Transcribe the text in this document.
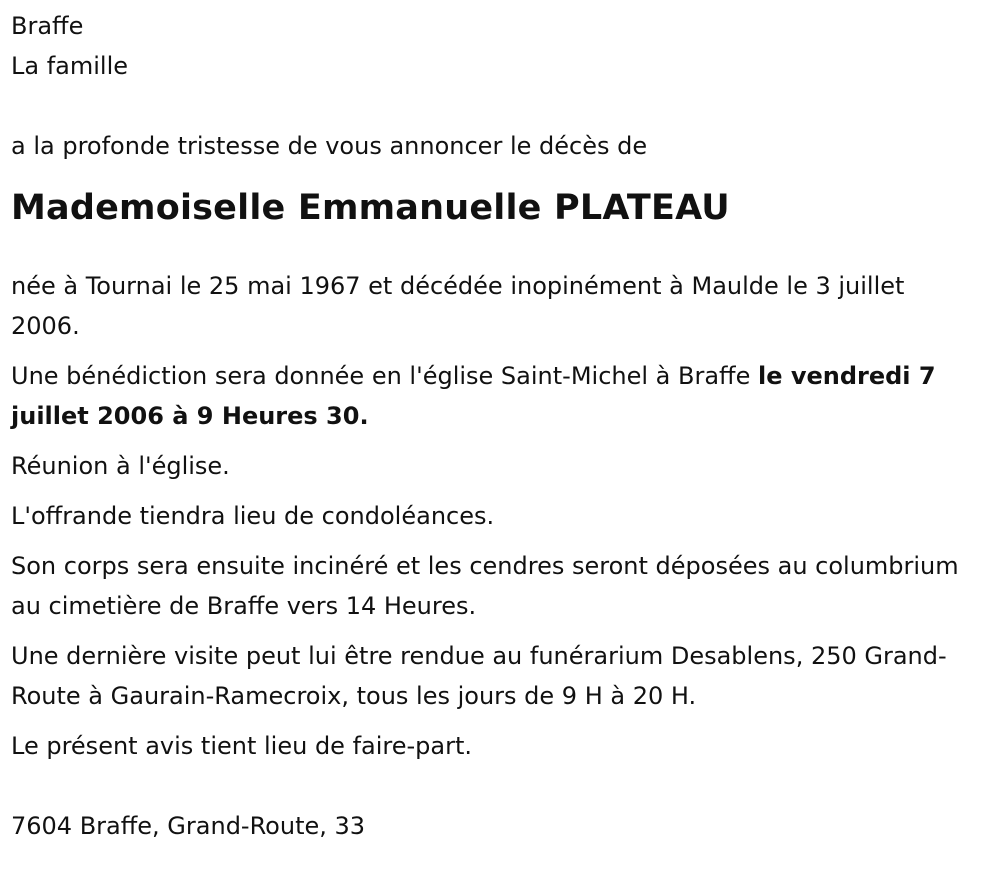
Braffe

La famille

a la profonde tristesse de vous annoncer le décès de

Mademoiselle Emmanuelle PLATEAU

née à Tournai le 25 mai 1967 et décédée inopinément à Maulde le 3 juillet 2006.

Une bénédiction sera donnée en l'église Saint-Michel à Braffe le vendredi 7 juillet 2006 à 9 Heures 30.

Réunion à l'église.

L'offrande tiendra lieu de condoléances.

Son corps sera ensuite incinéré et les cendres seront déposées au columbrium au cimetière de Braffe vers 14 Heures.

Une dernière visite peut lui être rendue au funérarium Desablens, 250 Grand-Route à Gaurain-Ramecroix, tous les jours de 9 H à 20 H.

Le présent avis tient lieu de faire-part.

7604 Braffe, Grand-Route, 33
